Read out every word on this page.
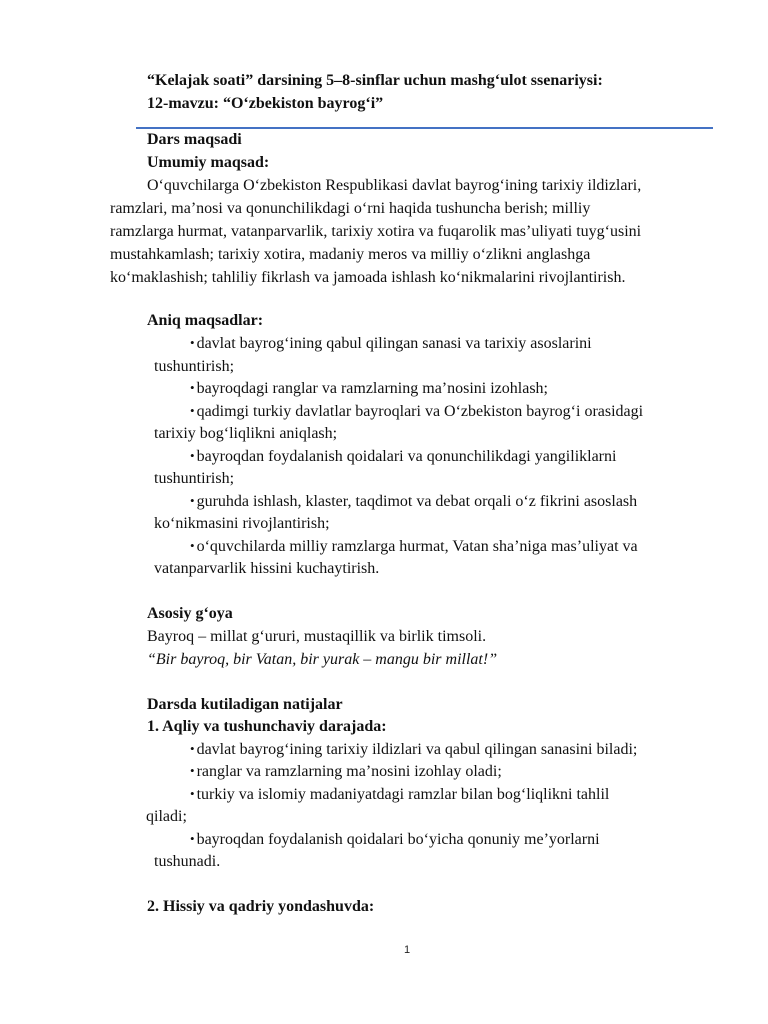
“Kelajak soati” darsining 5–8-sinflar uchun mashg‘ulot ssenariysi:
12-mavzu: “O‘zbekiston bayrog‘i”
Dars maqsadi
Umumiy maqsad:
O‘quvchilarga O‘zbekiston Respublikasi davlat bayrog‘ining tarixiy ildizlari,
ramzlari, ma’nosi va qonunchilikdagi o‘rni haqida tushuncha berish; milliy
ramzlarga hurmat, vatanparvarlik, tarixiy xotira va fuqarolik mas’uliyati tuyg‘usini
mustahkamlash; tarixiy xotira, madaniy meros va milliy o‘zlikni anglashga
ko‘maklashish; tahliliy fikrlash va jamoada ishlash ko‘nikmalarini rivojlantirish.
Aniq maqsadlar:
• davlat bayrog‘ining qabul qilingan sanasi va tarixiy asoslarini
tushuntirish;
• bayroqdagi ranglar va ramzlarning ma’nosini izohlash;
• qadimgi turkiy davlatlar bayroqlari va O‘zbekiston bayrog‘i orasidagi
tarixiy bog‘liqlikni aniqlash;
• bayroqdan foydalanish qoidalari va qonunchilikdagi yangiliklarni
tushuntirish;
• guruhda ishlash, klaster, taqdimot va debat orqali o‘z fikrini asoslash
ko‘nikmasini rivojlantirish;
• o‘quvchilarda milliy ramzlarga hurmat, Vatan sha’niga mas’uliyat va
vatanparvarlik hissini kuchaytirish.
Asosiy g‘oya
Bayroq – millat g‘ururi, mustaqillik va birlik timsoli.
“Bir bayroq, bir Vatan, bir yurak – mangu bir millat!”
Darsda kutiladigan natijalar
1. Aqliy va tushunchaviy darajada:
• davlat bayrog‘ining tarixiy ildizlari va qabul qilingan sanasini biladi;
• ranglar va ramzlarning ma’nosini izohlay oladi;
• turkiy va islomiy madaniyatdagi ramzlar bilan bog‘liqlikni tahlil
qiladi;
• bayroqdan foydalanish qoidalari bo‘yicha qonuniy me’yorlarni
tushunadi.
2. Hissiy va qadriy yondashuvda:
1
